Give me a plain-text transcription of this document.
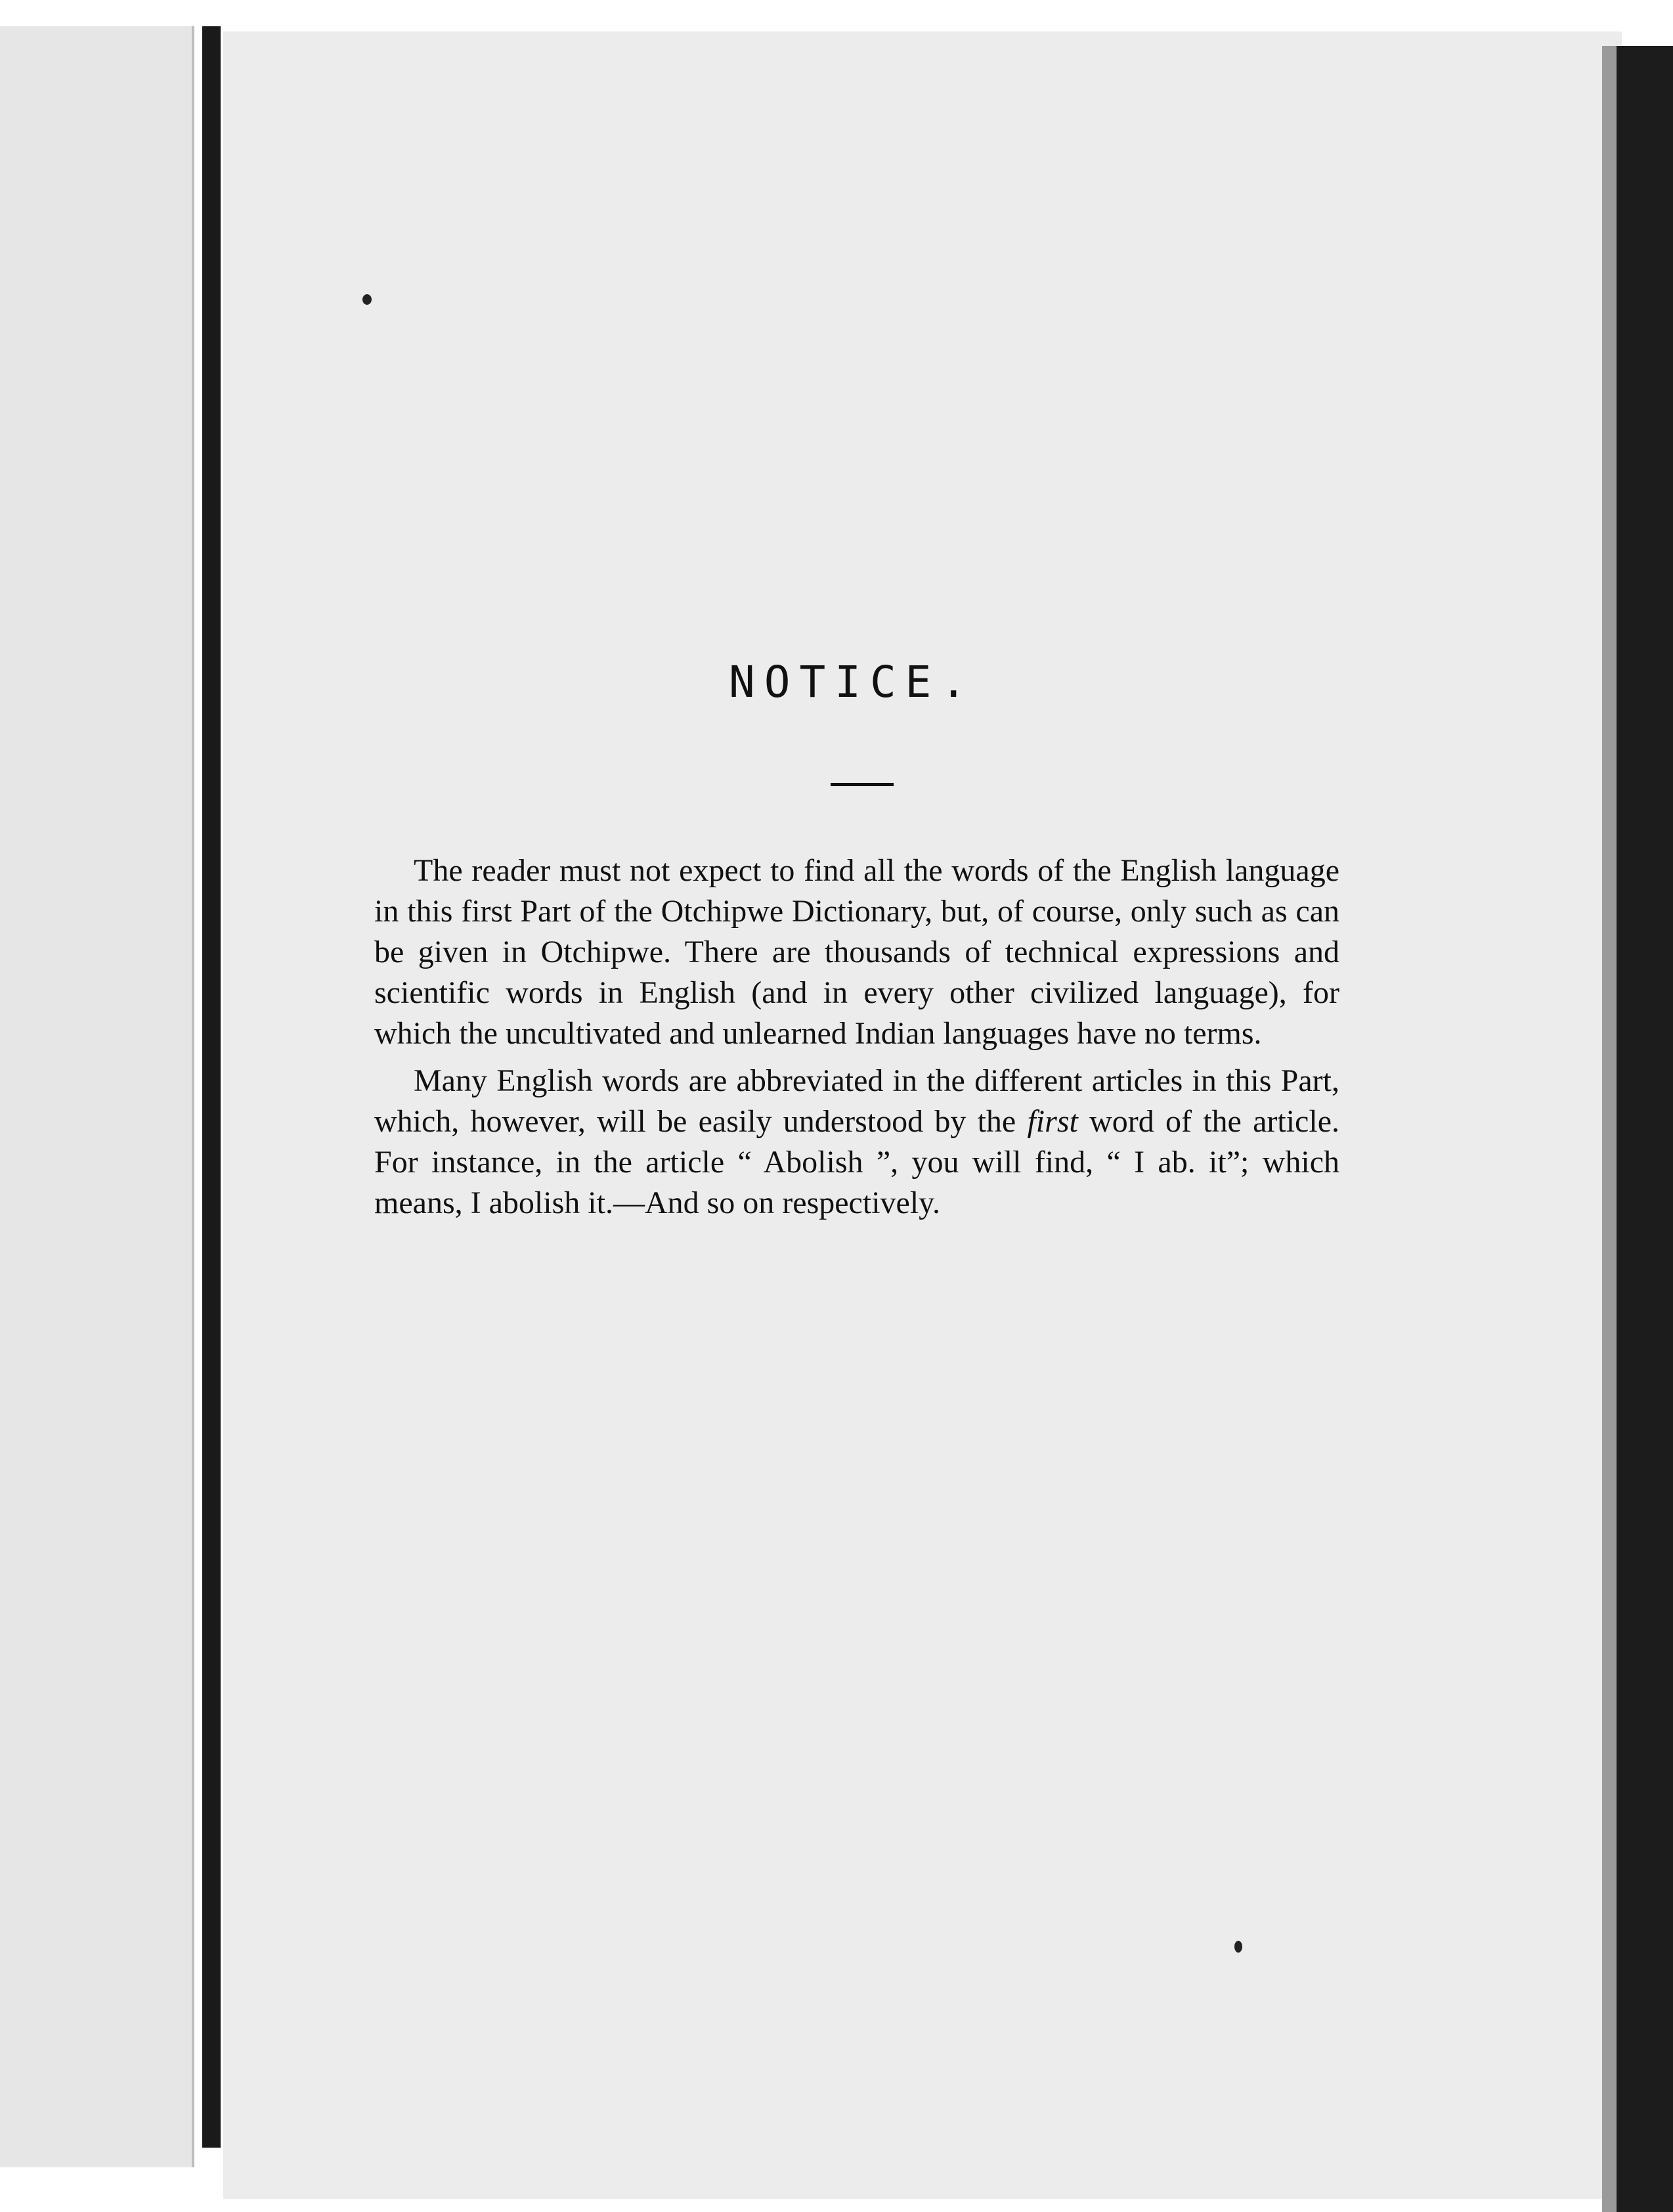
NOTICE.

The reader must not expect to find all the words of the English language in this first Part of the Otchipwe Dictionary, but, of course, only such as can be given in Otchipwe. There are thousands of technical expressions and scientific words in English (and in every other civilized language), for which the uncultivated and unlearned Indian languages have no terms.

Many English words are abbreviated in the different articles in this Part, which, however, will be easily understood by the first word of the article. For instance, in the article “ Abolish ”, you will find, “ I ab. it”; which means, I abolish it.—And so on respectively.
